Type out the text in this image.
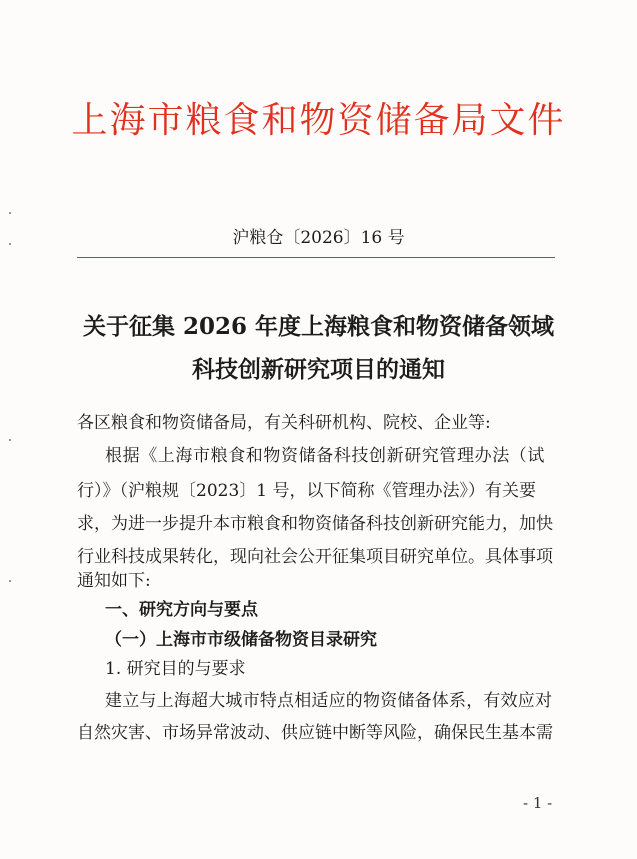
上海市粮食和物资储备局文件
沪粮仓〔2026〕16 号
关于征集 2026 年度上海粮食和物资储备领域
科技创新研究项目的通知
各区粮食和物资储备局，有关科研机构、院校、企业等:
根据《上海市粮食和物资储备科技创新研究管理办法（试
行）》（沪粮规〔2023〕1 号，以下简称《管理办法》）有关要
求，为进一步提升本市粮食和物资储备科技创新研究能力，加快
行业科技成果转化，现向社会公开征集项目研究单位。具体事项
通知如下:
一、研究方向与要点
（一）上海市市级储备物资目录研究
1. 研究目的与要求
建立与上海超大城市特点相适应的物资储备体系，有效应对
自然灾害、市场异常波动、供应链中断等风险，确保民生基本需
- 1 -
